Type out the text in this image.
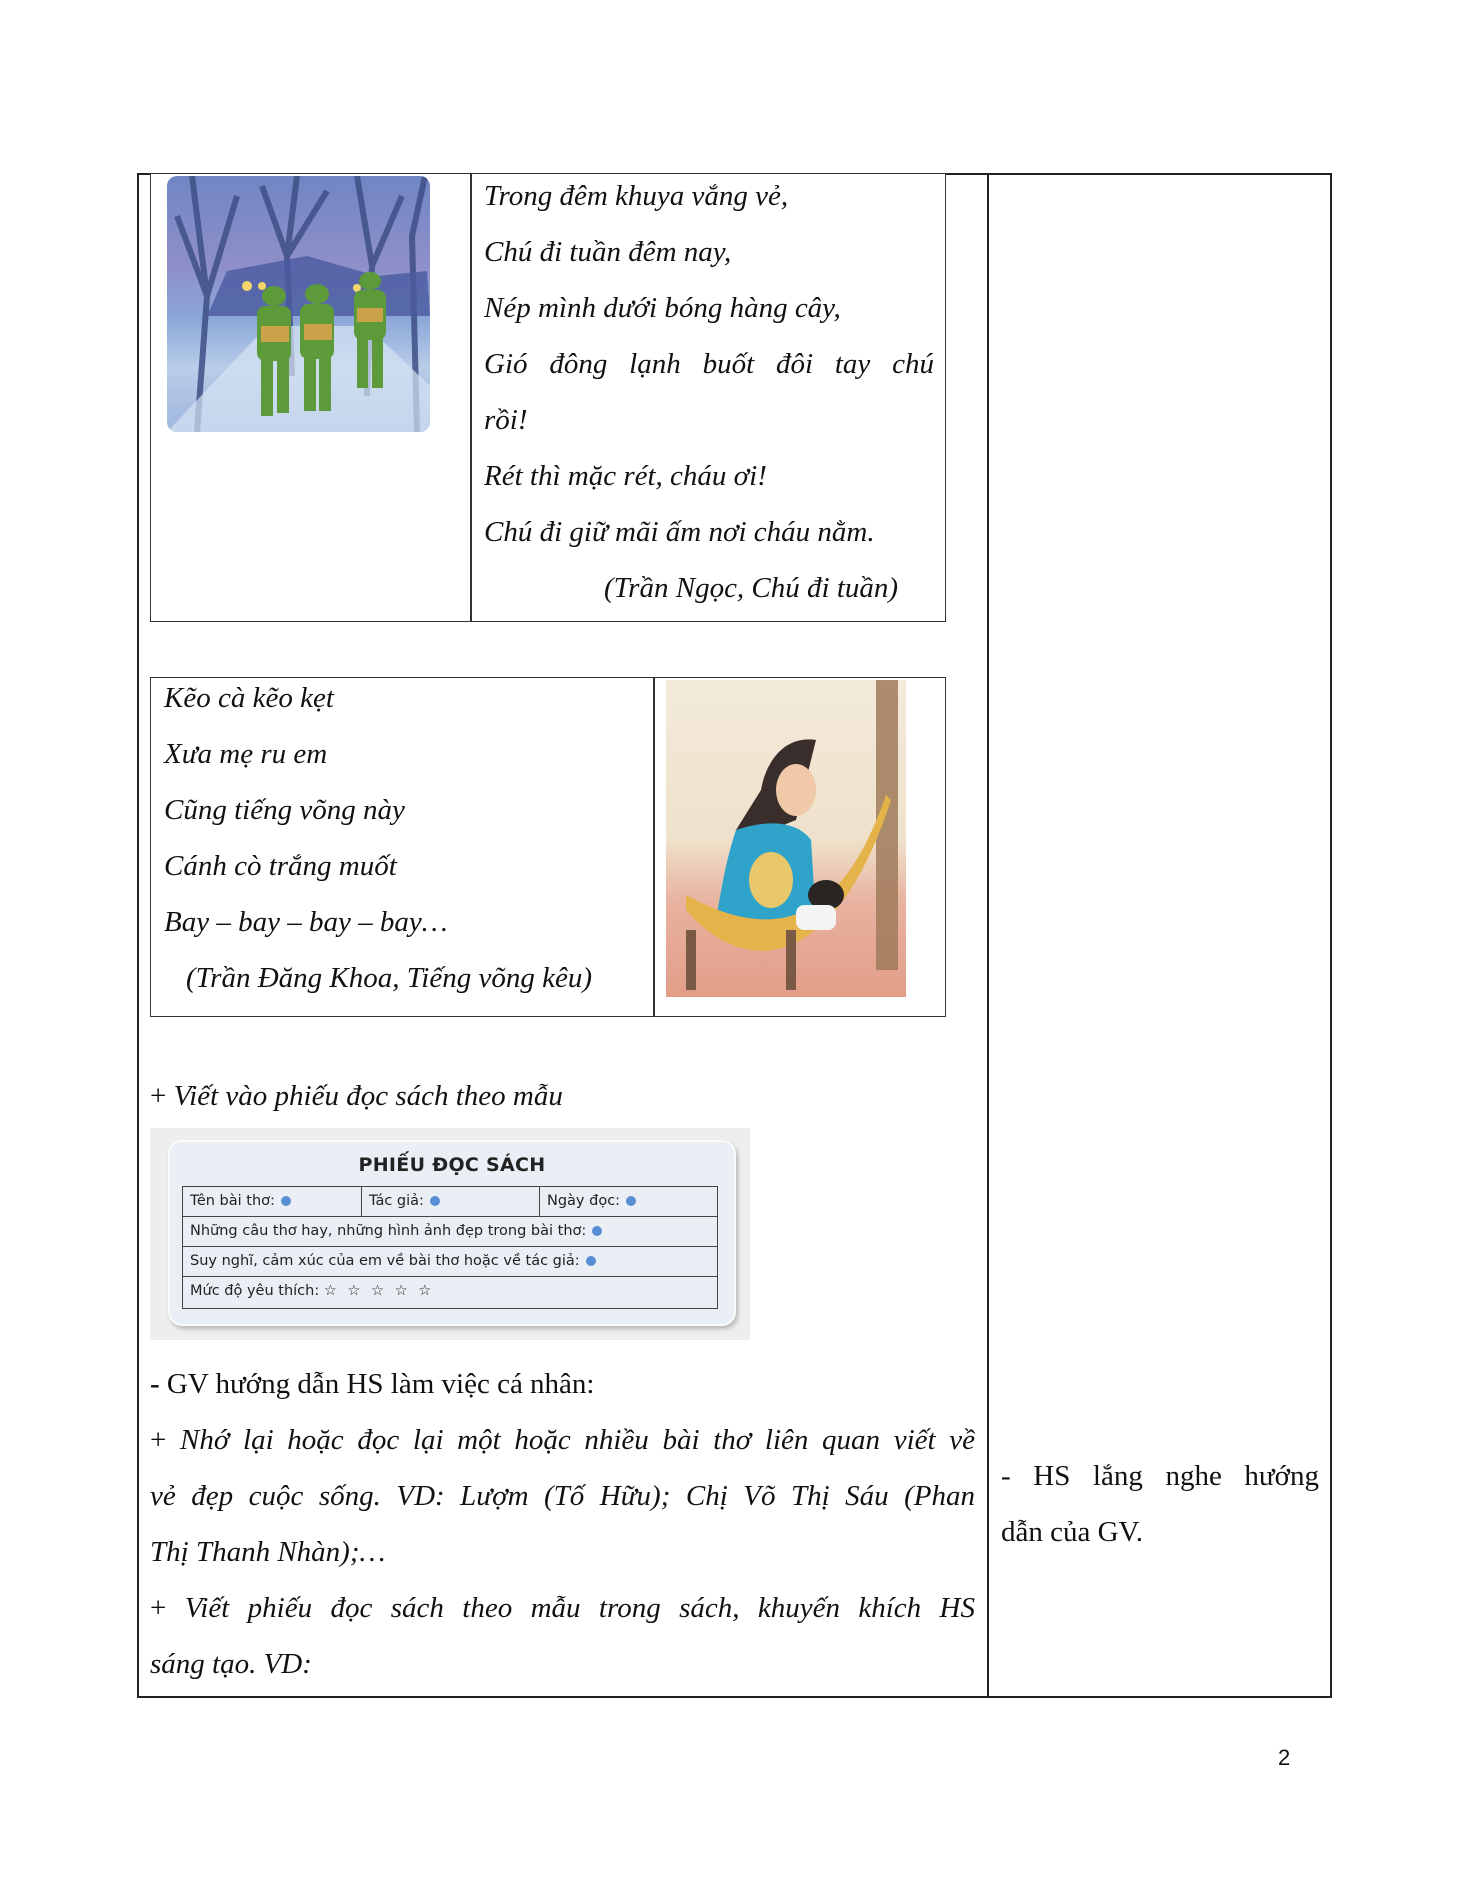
Trong đêm khuya vắng vẻ,
Chú đi tuần đêm nay,
Nép mình dưới bóng hàng cây,
Gió đông lạnh buốt đôi tay chú
rồi!
Rét thì mặc rét, cháu ơi!
Chú đi giữ mãi ấm nơi cháu nằm.
(Trần Ngọc, Chú đi tuần)
Kẽo cà kẽo kẹt
Xưa mẹ ru em
Cũng tiếng võng này
Cánh cò trắng muốt
Bay – bay – bay – bay…
(Trần Đăng Khoa, Tiếng võng kêu)
+ Viết vào phiếu đọc sách theo mẫu
PHIẾU ĐỌC SÁCH
Tên bài thơ:	Tác giả:	Ngày đọc:
Những câu thơ hay, những hình ảnh đẹp trong bài thơ:
Suy nghĩ, cảm xúc của em về bài thơ hoặc về tác giả:
Mức độ yêu thích: ☆ ☆ ☆ ☆ ☆
- GV hướng dẫn HS làm việc cá nhân:
+ Nhớ lại hoặc đọc lại một hoặc nhiều bài thơ liên quan viết về
vẻ đẹp cuộc sống. VD: Lượm (Tố Hữu); Chị Võ Thị Sáu (Phan
Thị Thanh Nhàn);…
+ Viết phiếu đọc sách theo mẫu trong sách, khuyến khích HS
sáng tạo. VD:
- HS lắng nghe hướng
dẫn của GV.
2
